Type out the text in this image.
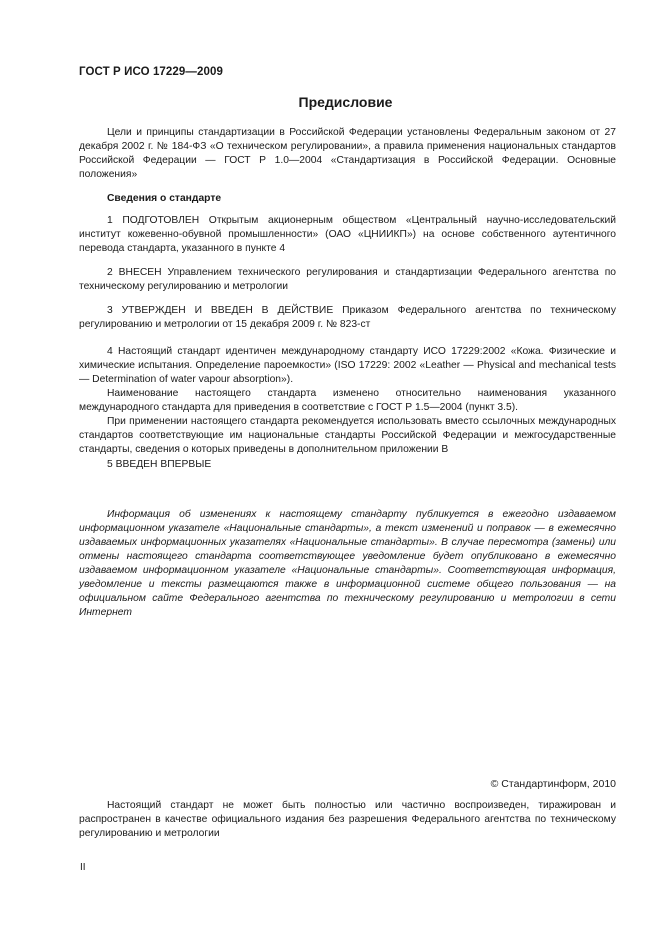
ГОСТ Р ИСО 17229—2009
Предисловие

Цели и принципы стандартизации в Российской Федерации установлены Федеральным законом от 27 декабря 2002 г. № 184-ФЗ «О техническом регулировании», а правила применения национальных стандартов Российской Федерации — ГОСТ Р 1.0—2004 «Стандартизация в Российской Федерации. Основные положения»

Сведения о стандарте

1 ПОДГОТОВЛЕН Открытым акционерным обществом «Центральный научно-исследовательский институт кожевенно-обувной промышленности» (ОАО «ЦНИИКП») на основе собственного аутентичного перевода стандарта, указанного в пункте 4

2 ВНЕСЕН Управлением технического регулирования и стандартизации Федерального агентства по техническому регулированию и метрологии

3 УТВЕРЖДЕН И ВВЕДЕН В ДЕЙСТВИЕ Приказом Федерального агентства по техническому регулированию и метрологии от 15 декабря 2009 г. № 823-ст

4 Настоящий стандарт идентичен международному стандарту ИСО 17229:2002 «Кожа. Физические и химические испытания. Определение пароемкости» (ISO 17229: 2002 «Leather — Physical and mechanical tests — Determination of water vapour absorption»).

Наименование настоящего стандарта изменено относительно наименования указанного международного стандарта для приведения в соответствие с ГОСТ Р 1.5—2004 (пункт 3.5).

При применении настоящего стандарта рекомендуется использовать вместо ссылочных международных стандартов соответствующие им национальные стандарты Российской Федерации и межгосударственные стандарты, сведения о которых приведены в дополнительном приложении В

5 ВВЕДЕН ВПЕРВЫЕ

Информация об изменениях к настоящему стандарту публикуется в ежегодно издаваемом информационном указателе «Национальные стандарты», а текст изменений и поправок — в ежемесячно издаваемых информационных указателях «Национальные стандарты». В случае пересмотра (замены) или отмены настоящего стандарта соответствующее уведомление будет опубликовано в ежемесячно издаваемом информационном указателе «Национальные стандарты». Соответствующая информация, уведомление и тексты размещаются также в информационной системе общего пользования — на официальном сайте Федерального агентства по техническому регулированию и метрологии в сети Интернет

© Стандартинформ, 2010

Настоящий стандарт не может быть полностью или частично воспроизведен, тиражирован и распространен в качестве официального издания без разрешения Федерального агентства по техническому регулированию и метрологии

II
